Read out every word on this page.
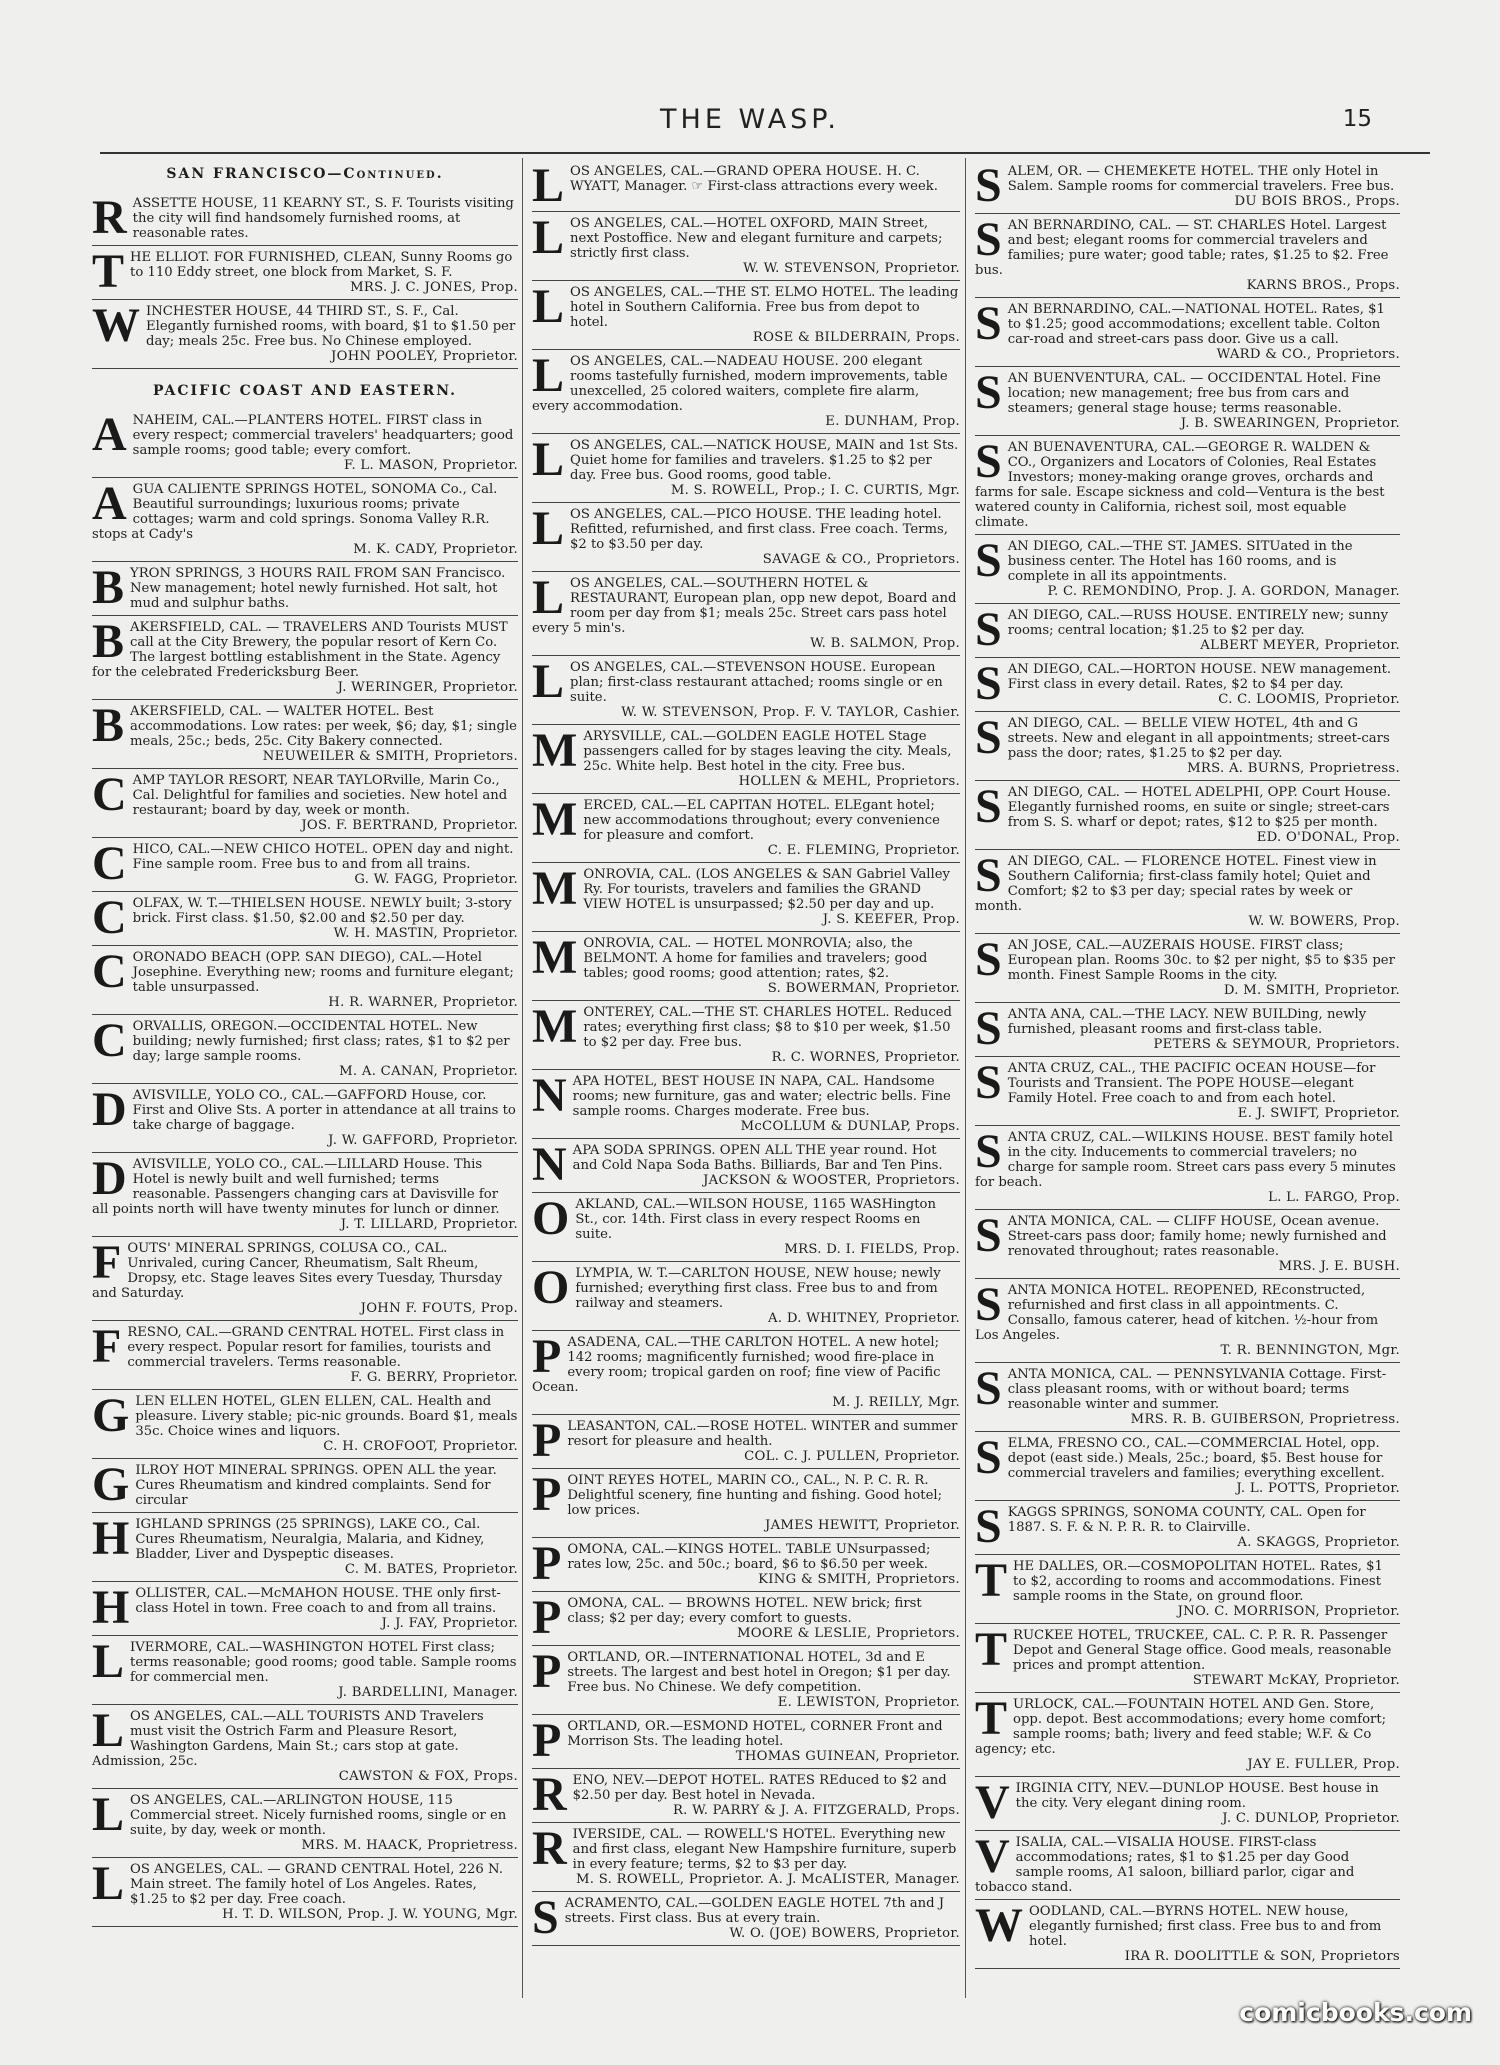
THE WASP.	15
SAN FRANCISCO—Continued.
RASSETTE HOUSE, 11 KEARNY ST., S. F. Tourists visiting the city will find handsomely furnished rooms, at reasonable rates.
THE ELLIOT. FOR FURNISHED, CLEAN, Sunny Rooms go to 110 Eddy street, one block from Market, S. F.
MRS. J. C. JONES, Prop.
WINCHESTER HOUSE, 44 THIRD ST., S. F., Cal. Elegantly furnished rooms, with board, $1 to $1.50 per day; meals 25c. Free bus. No Chinese employed.
JOHN POOLEY, Proprietor.
PACIFIC COAST AND EASTERN.
ANAHEIM, CAL.—PLANTERS HOTEL. FIRST class in every respect; commercial travelers' headquarters; good sample rooms; good table; every comfort.
F. L. MASON, Proprietor.
AGUA CALIENTE SPRINGS HOTEL, SONOMA Co., Cal. Beautiful surroundings; luxurious rooms; private cottages; warm and cold springs. Sonoma Valley R.R. stops at Cady's
M. K. CADY, Proprietor.
BYRON SPRINGS, 3 HOURS RAIL FROM SAN Francisco. New management; hotel newly furnished. Hot salt, hot mud and sulphur baths.
BAKERSFIELD, CAL. — TRAVELERS AND Tourists MUST call at the City Brewery, the popular resort of Kern Co. The largest bottling establishment in the State. Agency for the celebrated Fredericksburg Beer.
J. WERINGER, Proprietor.
BAKERSFIELD, CAL. — WALTER HOTEL. Best accommodations. Low rates: per week, $6; day, $1; single meals, 25c.; beds, 25c. City Bakery connected.
NEUWEILER & SMITH, Proprietors.
CAMP TAYLOR RESORT, NEAR TAYLORville, Marin Co., Cal. Delightful for families and societies. New hotel and restaurant; board by day, week or month.
JOS. F. BERTRAND, Proprietor.
CHICO, CAL.—NEW CHICO HOTEL. OPEN day and night. Fine sample room. Free bus to and from all trains.
G. W. FAGG, Proprietor.
COLFAX, W. T.—THIELSEN HOUSE. NEWLY built; 3-story brick. First class. $1.50, $2.00 and $2.50 per day.
W. H. MASTIN, Proprietor.
CORONADO BEACH (OPP. SAN DIEGO), CAL.—Hotel Josephine. Everything new; rooms and furniture elegant; table unsurpassed.
H. R. WARNER, Proprietor.
CORVALLIS, OREGON.—OCCIDENTAL HOTEL. New building; newly furnished; first class; rates, $1 to $2 per day; large sample rooms.
M. A. CANAN, Proprietor.
DAVISVILLE, YOLO CO., CAL.—GAFFORD House, cor. First and Olive Sts. A porter in attendance at all trains to take charge of baggage.
J. W. GAFFORD, Proprietor.
DAVISVILLE, YOLO CO., CAL.—LILLARD House. This Hotel is newly built and well furnished; terms reasonable. Passengers changing cars at Davisville for all points north will have twenty minutes for lunch or dinner.
J. T. LILLARD, Proprietor.
FOUTS' MINERAL SPRINGS, COLUSA CO., CAL. Unrivaled, curing Cancer, Rheumatism, Salt Rheum, Dropsy, etc. Stage leaves Sites every Tuesday, Thursday and Saturday.
JOHN F. FOUTS, Prop.
FRESNO, CAL.—GRAND CENTRAL HOTEL. First class in every respect. Popular resort for families, tourists and commercial travelers. Terms reasonable.
F. G. BERRY, Proprietor.
GLEN ELLEN HOTEL, GLEN ELLEN, CAL. Health and pleasure. Livery stable; pic-nic grounds. Board $1, meals 35c. Choice wines and liquors.
C. H. CROFOOT, Proprietor.
GILROY HOT MINERAL SPRINGS. OPEN ALL the year. Cures Rheumatism and kindred complaints. Send for circular
HIGHLAND SPRINGS (25 SPRINGS), LAKE CO., Cal. Cures Rheumatism, Neuralgia, Malaria, and Kidney, Bladder, Liver and Dyspeptic diseases.
C. M. BATES, Proprietor.
HOLLISTER, CAL.—McMAHON HOUSE. THE only first-class Hotel in town. Free coach to and from all trains.
J. J. FAY, Proprietor.
LIVERMORE, CAL.—WASHINGTON HOTEL First class; terms reasonable; good rooms; good table. Sample rooms for commercial men.
J. BARDELLINI, Manager.
LOS ANGELES, CAL.—ALL TOURISTS AND Travelers must visit the Ostrich Farm and Pleasure Resort, Washington Gardens, Main St.; cars stop at gate. Admission, 25c.
CAWSTON & FOX, Props.
LOS ANGELES, CAL.—ARLINGTON HOUSE, 115 Commercial street. Nicely furnished rooms, single or en suite, by day, week or month.
MRS. M. HAACK, Proprietress.
LOS ANGELES, CAL. — GRAND CENTRAL Hotel, 226 N. Main street. The family hotel of Los Angeles. Rates, $1.25 to $2 per day. Free coach.
H. T. D. WILSON, Prop. J. W. YOUNG, Mgr.
LOS ANGELES, CAL.—GRAND OPERA HOUSE. H. C. WYATT, Manager. ☞ First-class attractions every week.
LOS ANGELES, CAL.—HOTEL OXFORD, MAIN Street, next Postoffice. New and elegant furniture and carpets; strictly first class.
W. W. STEVENSON, Proprietor.
LOS ANGELES, CAL.—THE ST. ELMO HOTEL. The leading hotel in Southern California. Free bus from depot to hotel.
ROSE & BILDERRAIN, Props.
LOS ANGELES, CAL.—NADEAU HOUSE. 200 elegant rooms tastefully furnished, modern improvements, table unexcelled, 25 colored waiters, complete fire alarm, every accommodation.
E. DUNHAM, Prop.
LOS ANGELES, CAL.—NATICK HOUSE, MAIN and 1st Sts. Quiet home for families and travelers. $1.25 to $2 per day. Free bus. Good rooms, good table.
M. S. ROWELL, Prop.; I. C. CURTIS, Mgr.
LOS ANGELES, CAL.—PICO HOUSE. THE leading hotel. Refitted, refurnished, and first class. Free coach. Terms, $2 to $3.50 per day.
SAVAGE & CO., Proprietors.
LOS ANGELES, CAL.—SOUTHERN HOTEL & RESTAURANT, European plan, opp new depot, Board and room per day from $1; meals 25c. Street cars pass hotel every 5 min's.
W. B. SALMON, Prop.
LOS ANGELES, CAL.—STEVENSON HOUSE. European plan; first-class restaurant attached; rooms single or en suite.
W. W. STEVENSON, Prop. F. V. TAYLOR, Cashier.
MARYSVILLE, CAL.—GOLDEN EAGLE HOTEL Stage passengers called for by stages leaving the city. Meals, 25c. White help. Best hotel in the city. Free bus.
HOLLEN & MEHL, Proprietors.
MERCED, CAL.—EL CAPITAN HOTEL. ELEgant hotel; new accommodations throughout; every convenience for pleasure and comfort.
C. E. FLEMING, Proprietor.
MONROVIA, CAL. (LOS ANGELES & SAN Gabriel Valley Ry. For tourists, travelers and families the GRAND VIEW HOTEL is unsurpassed; $2.50 per day and up.
J. S. KEEFER, Prop.
MONROVIA, CAL. — HOTEL MONROVIA; also, the BELMONT. A home for families and travelers; good tables; good rooms; good attention; rates, $2.
S. BOWERMAN, Proprietor.
MONTEREY, CAL.—THE ST. CHARLES HOTEL. Reduced rates; everything first class; $8 to $10 per week, $1.50 to $2 per day. Free bus.
R. C. WORNES, Proprietor.
NAPA HOTEL, BEST HOUSE IN NAPA, CAL. Handsome rooms; new furniture, gas and water; electric bells. Fine sample rooms. Charges moderate. Free bus.
McCOLLUM & DUNLAP, Props.
NAPA SODA SPRINGS. OPEN ALL THE year round. Hot and Cold Napa Soda Baths. Billiards, Bar and Ten Pins.
JACKSON & WOOSTER, Proprietors.
OAKLAND, CAL.—WILSON HOUSE, 1165 WASHington St., cor. 14th. First class in every respect Rooms en suite.
MRS. D. I. FIELDS, Prop.
OLYMPIA, W. T.—CARLTON HOUSE, NEW house; newly furnished; everything first class. Free bus to and from railway and steamers.
A. D. WHITNEY, Proprietor.
PASADENA, CAL.—THE CARLTON HOTEL. A new hotel; 142 rooms; magnificently furnished; wood fire-place in every room; tropical garden on roof; fine view of Pacific Ocean.
M. J. REILLY, Mgr.
PLEASANTON, CAL.—ROSE HOTEL. WINTER and summer resort for pleasure and health.
COL. C. J. PULLEN, Proprietor.
POINT REYES HOTEL, MARIN CO., CAL., N. P. C. R. R. Delightful scenery, fine hunting and fishing. Good hotel; low prices.
JAMES HEWITT, Proprietor.
POMONA, CAL.—KINGS HOTEL. TABLE UNsurpassed; rates low, 25c. and 50c.; board, $6 to $6.50 per week.
KING & SMITH, Proprietors.
POMONA, CAL. — BROWNS HOTEL. NEW brick; first class; $2 per day; every comfort to guests.
MOORE & LESLIE, Proprietors.
PORTLAND, OR.—INTERNATIONAL HOTEL, 3d and E streets. The largest and best hotel in Oregon; $1 per day. Free bus. No Chinese. We defy competition.
E. LEWISTON, Proprietor.
PORTLAND, OR.—ESMOND HOTEL, CORNER Front and Morrison Sts. The leading hotel.
THOMAS GUINEAN, Proprietor.
RENO, NEV.—DEPOT HOTEL. RATES REduced to $2 and $2.50 per day. Best hotel in Nevada.
R. W. PARRY & J. A. FITZGERALD, Props.
RIVERSIDE, CAL. — ROWELL'S HOTEL. Everything new and first class, elegant New Hampshire furniture, superb in every feature; terms, $2 to $3 per day.
M. S. ROWELL, Proprietor. A. J. McALISTER, Manager.
SACRAMENTO, CAL.—GOLDEN EAGLE HOTEL 7th and J streets. First class. Bus at every train.
W. O. (JOE) BOWERS, Proprietor.
SALEM, OR. — CHEMEKETE HOTEL. THE only Hotel in Salem. Sample rooms for commercial travelers. Free bus.
DU BOIS BROS., Props.
SAN BERNARDINO, CAL. — ST. CHARLES Hotel. Largest and best; elegant rooms for commercial travelers and families; pure water; good table; rates, $1.25 to $2. Free bus.
KARNS BROS., Props.
SAN BERNARDINO, CAL.—NATIONAL HOTEL. Rates, $1 to $1.25; good accommodations; excellent table. Colton car-road and street-cars pass door. Give us a call.
WARD & CO., Proprietors.
SAN BUENVENTURA, CAL. — OCCIDENTAL Hotel. Fine location; new management; free bus from cars and steamers; general stage house; terms reasonable.
J. B. SWEARINGEN, Proprietor.
SAN BUENAVENTURA, CAL.—GEORGE R. WALDEN & CO., Organizers and Locators of Colonies, Real Estates Investors; money-making orange groves, orchards and farms for sale. Escape sickness and cold—Ventura is the best watered county in California, richest soil, most equable climate.
SAN DIEGO, CAL.—THE ST. JAMES. SITUated in the business center. The Hotel has 160 rooms, and is complete in all its appointments.
P. C. REMONDINO, Prop. J. A. GORDON, Manager.
SAN DIEGO, CAL.—RUSS HOUSE. ENTIRELY new; sunny rooms; central location; $1.25 to $2 per day.
ALBERT MEYER, Proprietor.
SAN DIEGO, CAL.—HORTON HOUSE. NEW management. First class in every detail. Rates, $2 to $4 per day.
C. C. LOOMIS, Proprietor.
SAN DIEGO, CAL. — BELLE VIEW HOTEL, 4th and G streets. New and elegant in all appointments; street-cars pass the door; rates, $1.25 to $2 per day.
MRS. A. BURNS, Proprietress.
SAN DIEGO, CAL. — HOTEL ADELPHI, OPP. Court House. Elegantly furnished rooms, en suite or single; street-cars from S. S. wharf or depot; rates, $12 to $25 per month.
ED. O'DONAL, Prop.
SAN DIEGO, CAL. — FLORENCE HOTEL. Finest view in Southern California; first-class family hotel; Quiet and Comfort; $2 to $3 per day; special rates by week or month.
W. W. BOWERS, Prop.
SAN JOSE, CAL.—AUZERAIS HOUSE. FIRST class; European plan. Rooms 30c. to $2 per night, $5 to $35 per month. Finest Sample Rooms in the city.
D. M. SMITH, Proprietor.
SANTA ANA, CAL.—THE LACY. NEW BUILDing, newly furnished, pleasant rooms and first-class table.
PETERS & SEYMOUR, Proprietors.
SANTA CRUZ, CAL., THE PACIFIC OCEAN HOUSE—for Tourists and Transient. The POPE HOUSE—elegant Family Hotel. Free coach to and from each hotel.
E. J. SWIFT, Proprietor.
SANTA CRUZ, CAL.—WILKINS HOUSE. BEST family hotel in the city. Inducements to commercial travelers; no charge for sample room. Street cars pass every 5 minutes for beach.
L. L. FARGO, Prop.
SANTA MONICA, CAL. — CLIFF HOUSE, Ocean avenue. Street-cars pass door; family home; newly furnished and renovated throughout; rates reasonable.
MRS. J. E. BUSH.
SANTA MONICA HOTEL. REOPENED, REconstructed, refurnished and first class in all appointments. C. Consallo, famous caterer, head of kitchen. ½-hour from Los Angeles.
T. R. BENNINGTON, Mgr.
SANTA MONICA, CAL. — PENNSYLVANIA Cottage. First-class pleasant rooms, with or without board; terms reasonable winter and summer.
MRS. R. B. GUIBERSON, Proprietress.
SELMA, FRESNO CO., CAL.—COMMERCIAL Hotel, opp. depot (east side.) Meals, 25c.; board, $5. Best house for commercial travelers and families; everything excellent.
J. L. POTTS, Proprietor.
SKAGGS SPRINGS, SONOMA COUNTY, CAL. Open for 1887. S. F. & N. P. R. R. to Clairville.
A. SKAGGS, Proprietor.
THE DALLES, OR.—COSMOPOLITAN HOTEL. Rates, $1 to $2, according to rooms and accommodations. Finest sample rooms in the State, on ground floor.
JNO. C. MORRISON, Proprietor.
TRUCKEE HOTEL, TRUCKEE, CAL. C. P. R. R. Passenger Depot and General Stage office. Good meals, reasonable prices and prompt attention.
STEWART McKAY, Proprietor.
TURLOCK, CAL.—FOUNTAIN HOTEL AND Gen. Store, opp. depot. Best accommodations; every home comfort; sample rooms; bath; livery and feed stable; W.F. & Co agency; etc.
JAY E. FULLER, Prop.
VIRGINIA CITY, NEV.—DUNLOP HOUSE. Best house in the city. Very elegant dining room.
J. C. DUNLOP, Proprietor.
VISALIA, CAL.—VISALIA HOUSE. FIRST-class accommodations; rates, $1 to $1.25 per day Good sample rooms, A1 saloon, billiard parlor, cigar and tobacco stand.
WOODLAND, CAL.—BYRNS HOTEL. NEW house, elegantly furnished; first class. Free bus to and from hotel.
IRA R. DOOLITTLE & SON, Proprietors
comicbooks.com
